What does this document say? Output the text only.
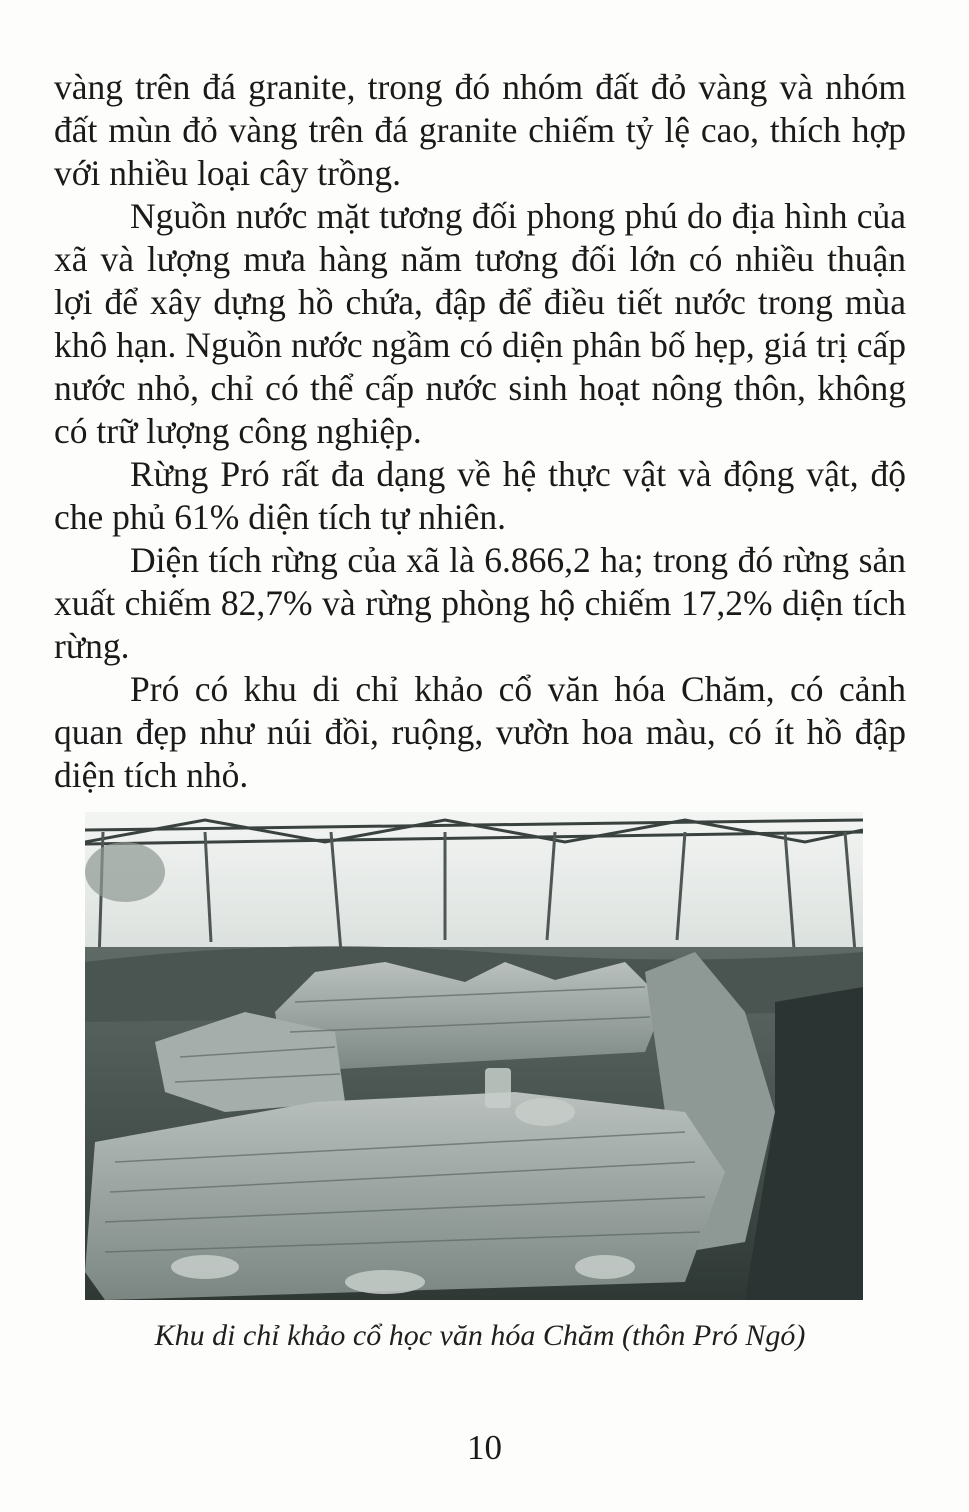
vàng trên đá granite, trong đó nhóm đất đỏ vàng và nhóm đất mùn đỏ vàng trên đá granite chiếm tỷ lệ cao, thích hợp với nhiều loại cây trồng.

Nguồn nước mặt tương đối phong phú do địa hình của xã và lượng mưa hàng năm tương đối lớn có nhiều thuận lợi để xây dựng hồ chứa, đập để điều tiết nước trong mùa khô hạn. Nguồn nước ngầm có diện phân bố hẹp, giá trị cấp nước nhỏ, chỉ có thể cấp nước sinh hoạt nông thôn, không có trữ lượng công nghiệp.

Rừng Pró rất đa dạng về hệ thực vật và động vật, độ che phủ 61% diện tích tự nhiên.

Diện tích rừng của xã là 6.866,2 ha; trong đó rừng sản xuất chiếm 82,7% và rừng phòng hộ chiếm 17,2% diện tích rừng.

Pró có khu di chỉ khảo cổ văn hóa Chăm, có cảnh quan đẹp như núi đồi, ruộng, vườn hoa màu, có ít hồ đập diện tích nhỏ.

Khu di chỉ khảo cổ học văn hóa Chăm (thôn Pró Ngó)
10
